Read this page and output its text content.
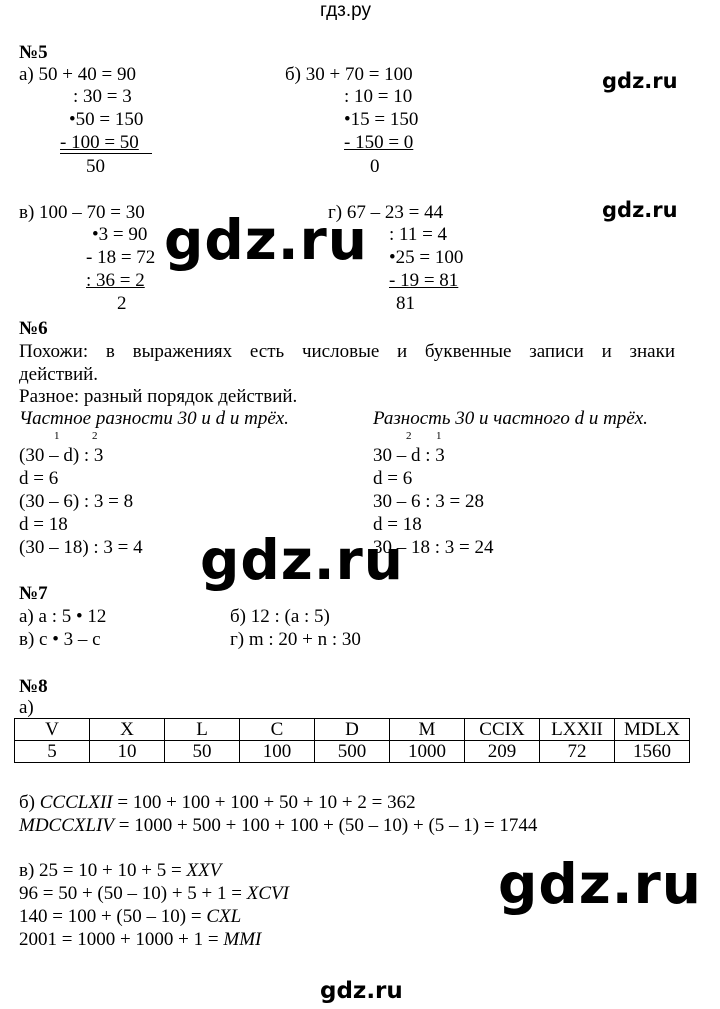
гдз.ру
gdz.ru
gdz.ru
gdz.ru
gdz.ru
gdz.ru
gdz.ru
№5
а) 50 + 40 = 90
: 30 = 3
•50 = 150
- 100 = 50
50
б) 30 + 70 = 100
: 10 = 10
•15 = 150
- 150 = 0
0
в) 100 – 70 = 30
•3 = 90
- 18 = 72
: 36 = 2
2
г) 67 – 23 = 44
: 11 = 4
•25 = 100
- 19 = 81
81
№6
Похожи: в выражениях есть числовые и буквенные записи и знаки
действий.
Разное: разный порядок действий.
Частное разности 30 и d и трёх.
1	2
(30 – d) : 3
d = 6
(30 – 6) : 3 = 8
d = 18
(30 – 18) : 3 = 4
Разность 30 и частного d и трёх.
2 1
30 – d : 3
d = 6
30 – 6 : 3 = 28
d = 18
30 – 18 : 3 = 24
№7
а) a : 5 • 12	б) 12 : (a : 5)
в) c • 3 – c	г) m : 20 + n : 30
№8
а)
V	X	L	C	D	M	CCIX	LXXII	MDLX
5	10	50	100	500	1000	209	72	1560
б) CCCLXII = 100 + 100 + 100 + 50 + 10 + 2 = 362
MDCCXLIV = 1000 + 500 + 100 + 100 + (50 – 10) + (5 – 1) = 1744
в) 25 = 10 + 10 + 5 = XXV
96 = 50 + (50 – 10) + 5 + 1 = XCVI
140 = 100 + (50 – 10) = CXL
2001 = 1000 + 1000 + 1 = MMI
